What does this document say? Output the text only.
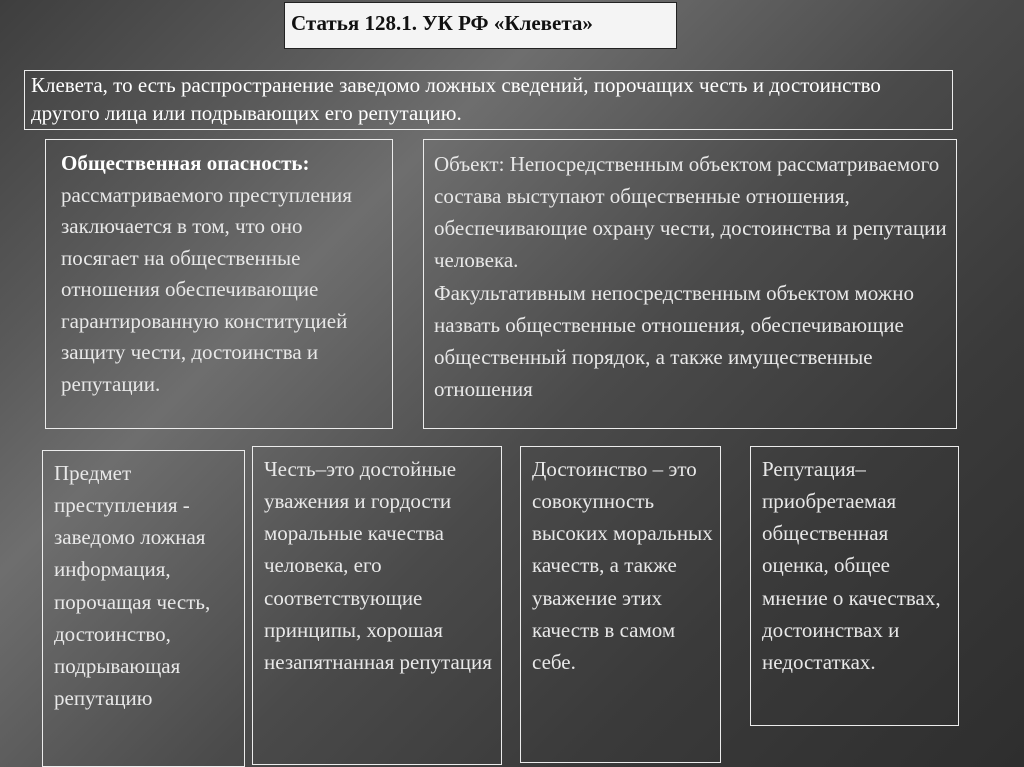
Статья 128.1. УК РФ «Клевета»
Клевета, то есть распространение заведомо ложных сведений, порочащих честь и достоинство другого лица или подрывающих его репутацию.
Общественная опасность: рассматриваемого преступления заключается в том, что оно посягает на общественные отношения обеспечивающие гарантированную конституцией защиту чести, достоинства и репутации.
Объект: Непосредственным объектом рассматриваемого состава выступают общественные отношения, обеспечивающие охрану чести, достоинства и репутации человека.
Факультативным непосредственным объектом можно назвать общественные отношения, обеспечивающие общественный порядок, а также имущественные отношения
Предмет преступления - заведомо ложная информация, порочащая честь, достоинство, подрывающая репутацию
Честь–это достойные уважения и гордости моральные качества человека, его соответствующие принципы, хорошая незапятнанная репутация
Достоинство – это совокупность высоких моральных качеств, а также уважение этих качеств в самом себе.
Репутация– приобретаемая общественная оценка, общее мнение о качествах, достоинствах и недостатках.
